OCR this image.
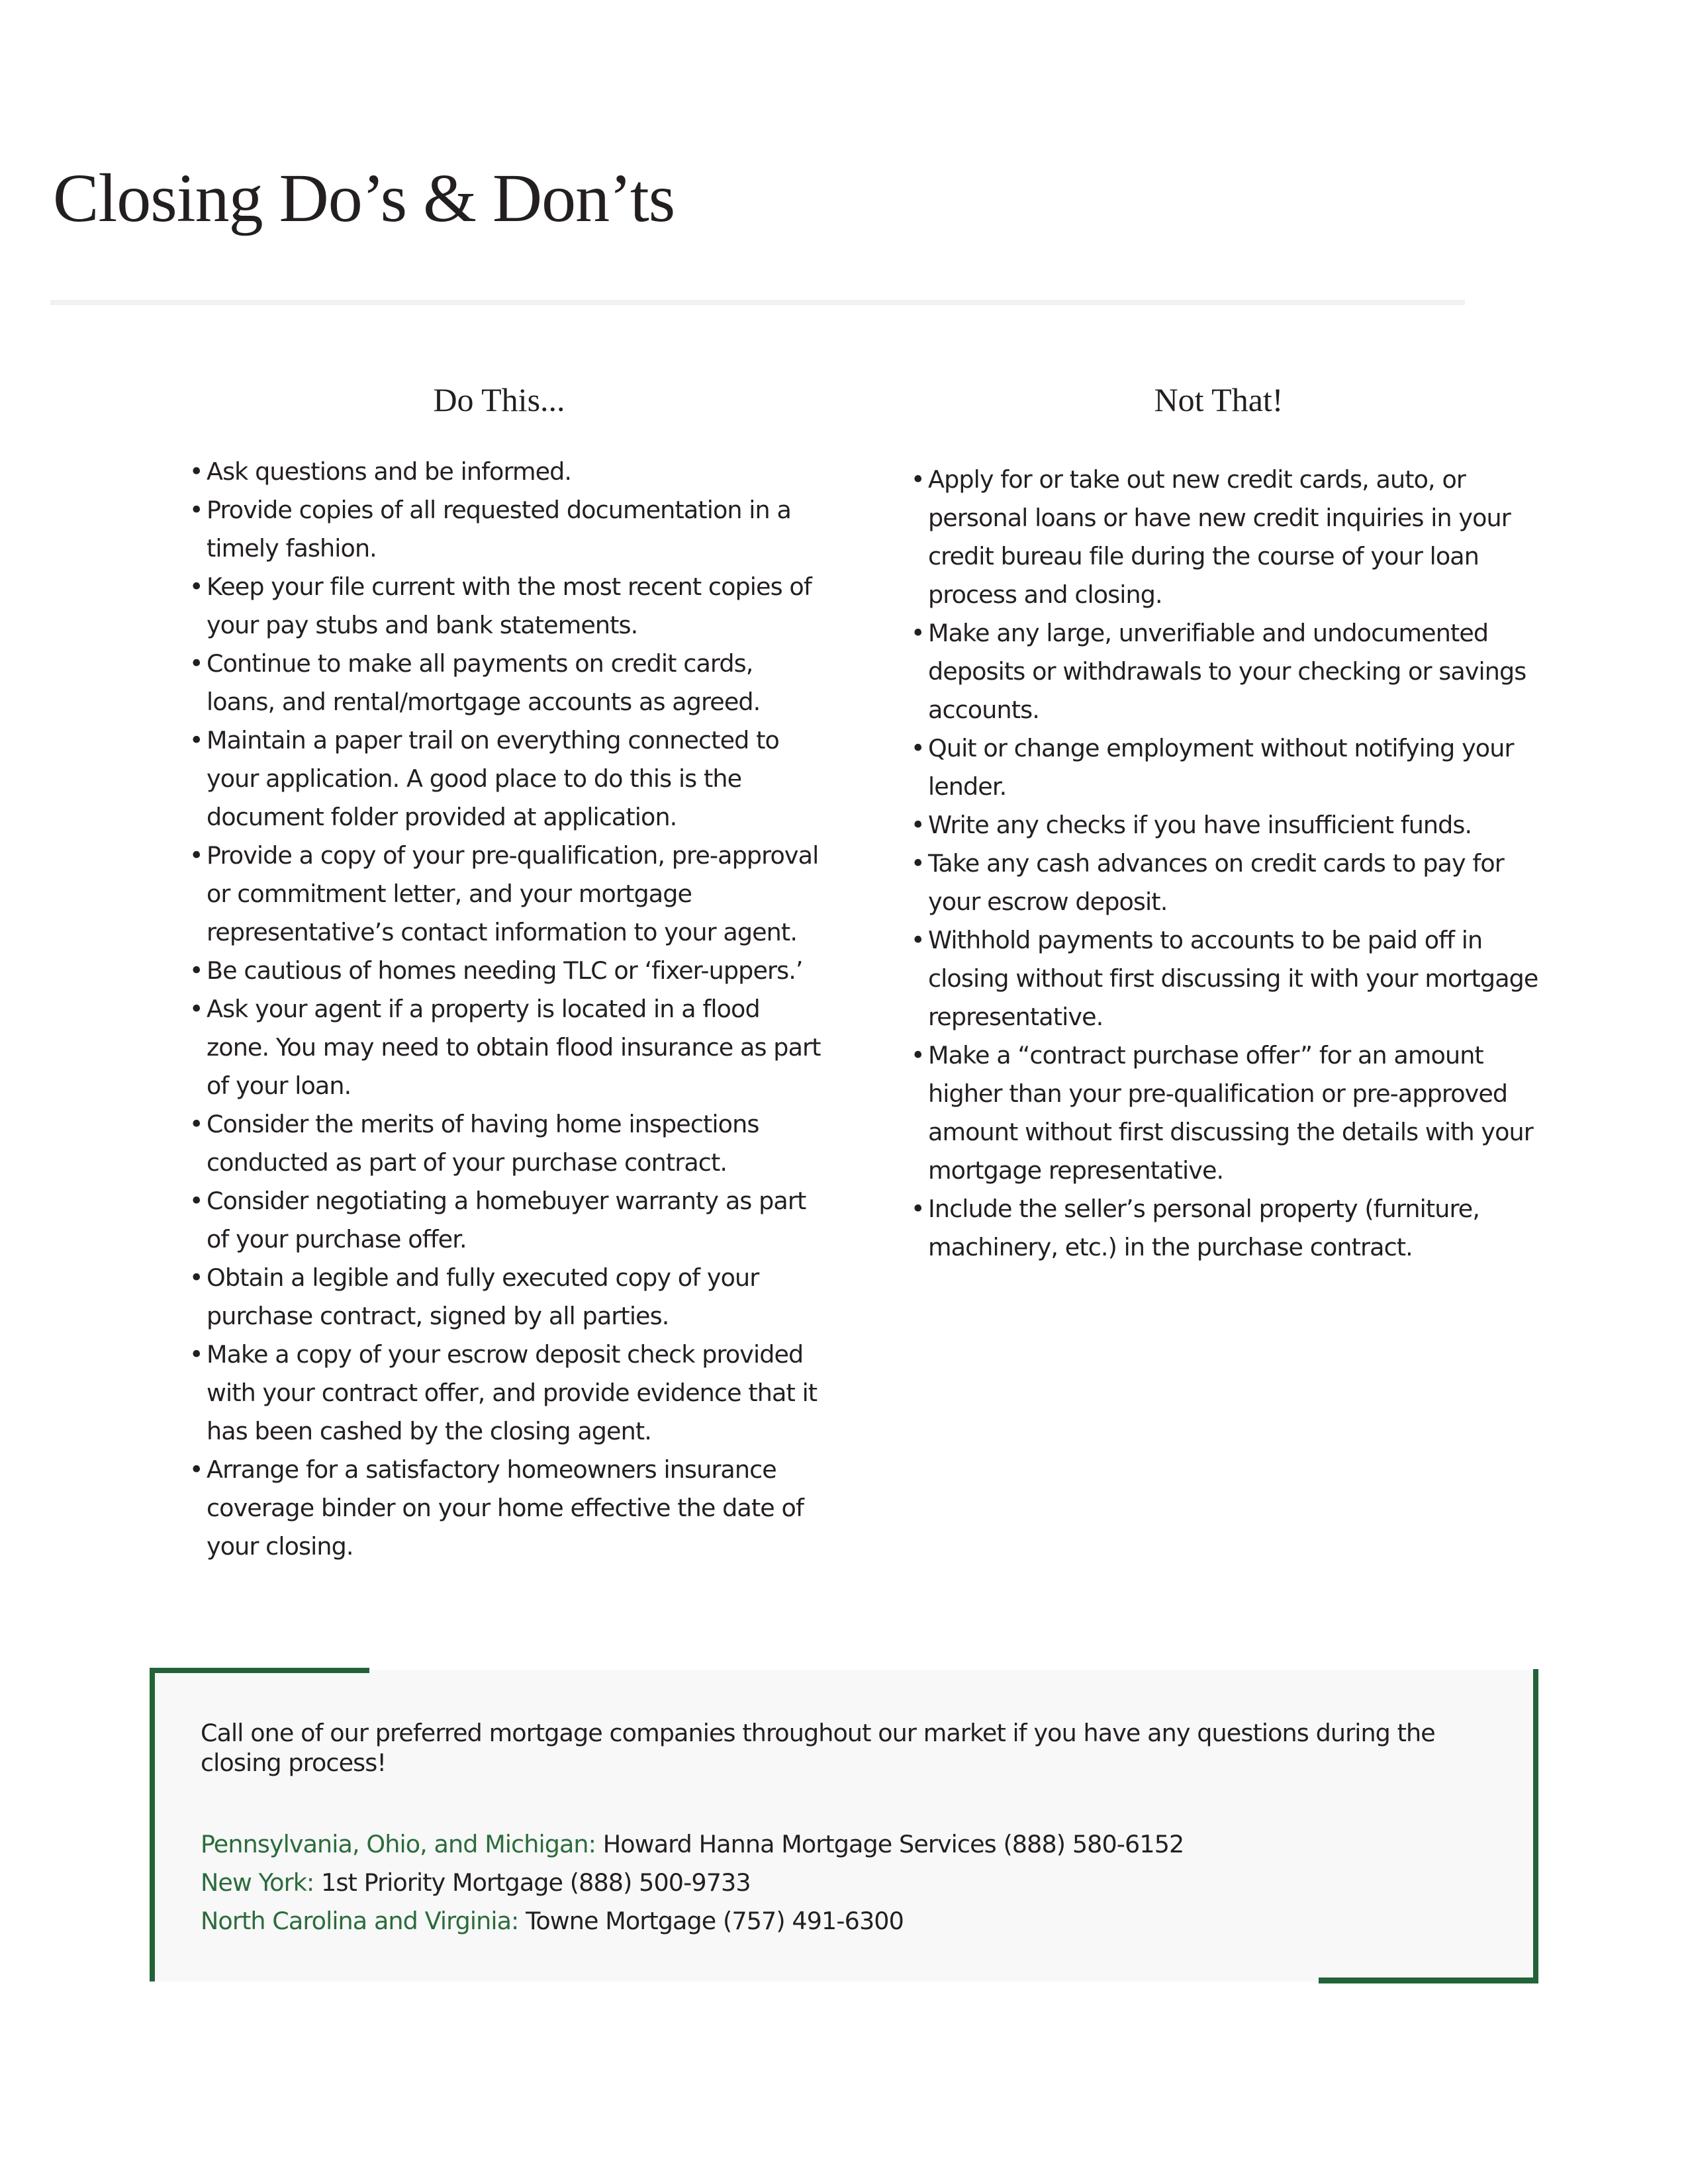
Closing Do’s & Don’ts
Do This...	Not That!
•
Ask questions and be informed.
•
Provide copies of all requested documentation in a timely fashion.
•
Keep your file current with the most recent copies of your pay stubs and bank statements.
•
Continue to make all payments on credit cards, loans, and rental/mortgage accounts as agreed.
•
Maintain a paper trail on everything connected to your application. A good place to do this is the document folder provided at application.
•
Provide a copy of your pre-qualification, pre-approval or commitment letter, and your mortgage representative’s contact information to your agent.
•
Be cautious of homes needing TLC or ‘fixer-uppers.’
•
Ask your agent if a property is located in a flood zone. You may need to obtain flood insurance as part of your loan.
•
Consider the merits of having home inspections conducted as part of your purchase contract.
•
Consider negotiating a homebuyer warranty as part of your purchase offer.
•
Obtain a legible and fully executed copy of your purchase contract, signed by all parties.
•
Make a copy of your escrow deposit check provided with your contract offer, and provide evidence that it has been cashed by the closing agent.
•
Arrange for a satisfactory homeowners insurance coverage binder on your home effective the date of your closing.
•
Apply for or take out new credit cards, auto, or personal loans or have new credit inquiries in your credit bureau file during the course of your loan process and closing.
•
Make any large, unverifiable and undocumented deposits or withdrawals to your checking or savings accounts.
•
Quit or change employment without notifying your lender.
•
Write any checks if you have insufficient funds.
•
Take any cash advances on credit cards to pay for your escrow deposit.
•
Withhold payments to accounts to be paid off in closing without first discussing it with your mortgage representative.
•
Make a “contract purchase offer” for an amount higher than your pre-qualification or pre-approved amount without first discussing the details with your mortgage representative.
•
Include the seller’s personal property (furniture, machinery, etc.) in the purchase contract.

Call one of our preferred mortgage companies throughout our market if you have any questions during the closing process!

Pennsylvania, Ohio, and Michigan: Howard Hanna Mortgage Services (888) 580-6152
New York: 1st Priority Mortgage (888) 500-9733
North Carolina and Virginia: Towne Mortgage (757) 491-6300
